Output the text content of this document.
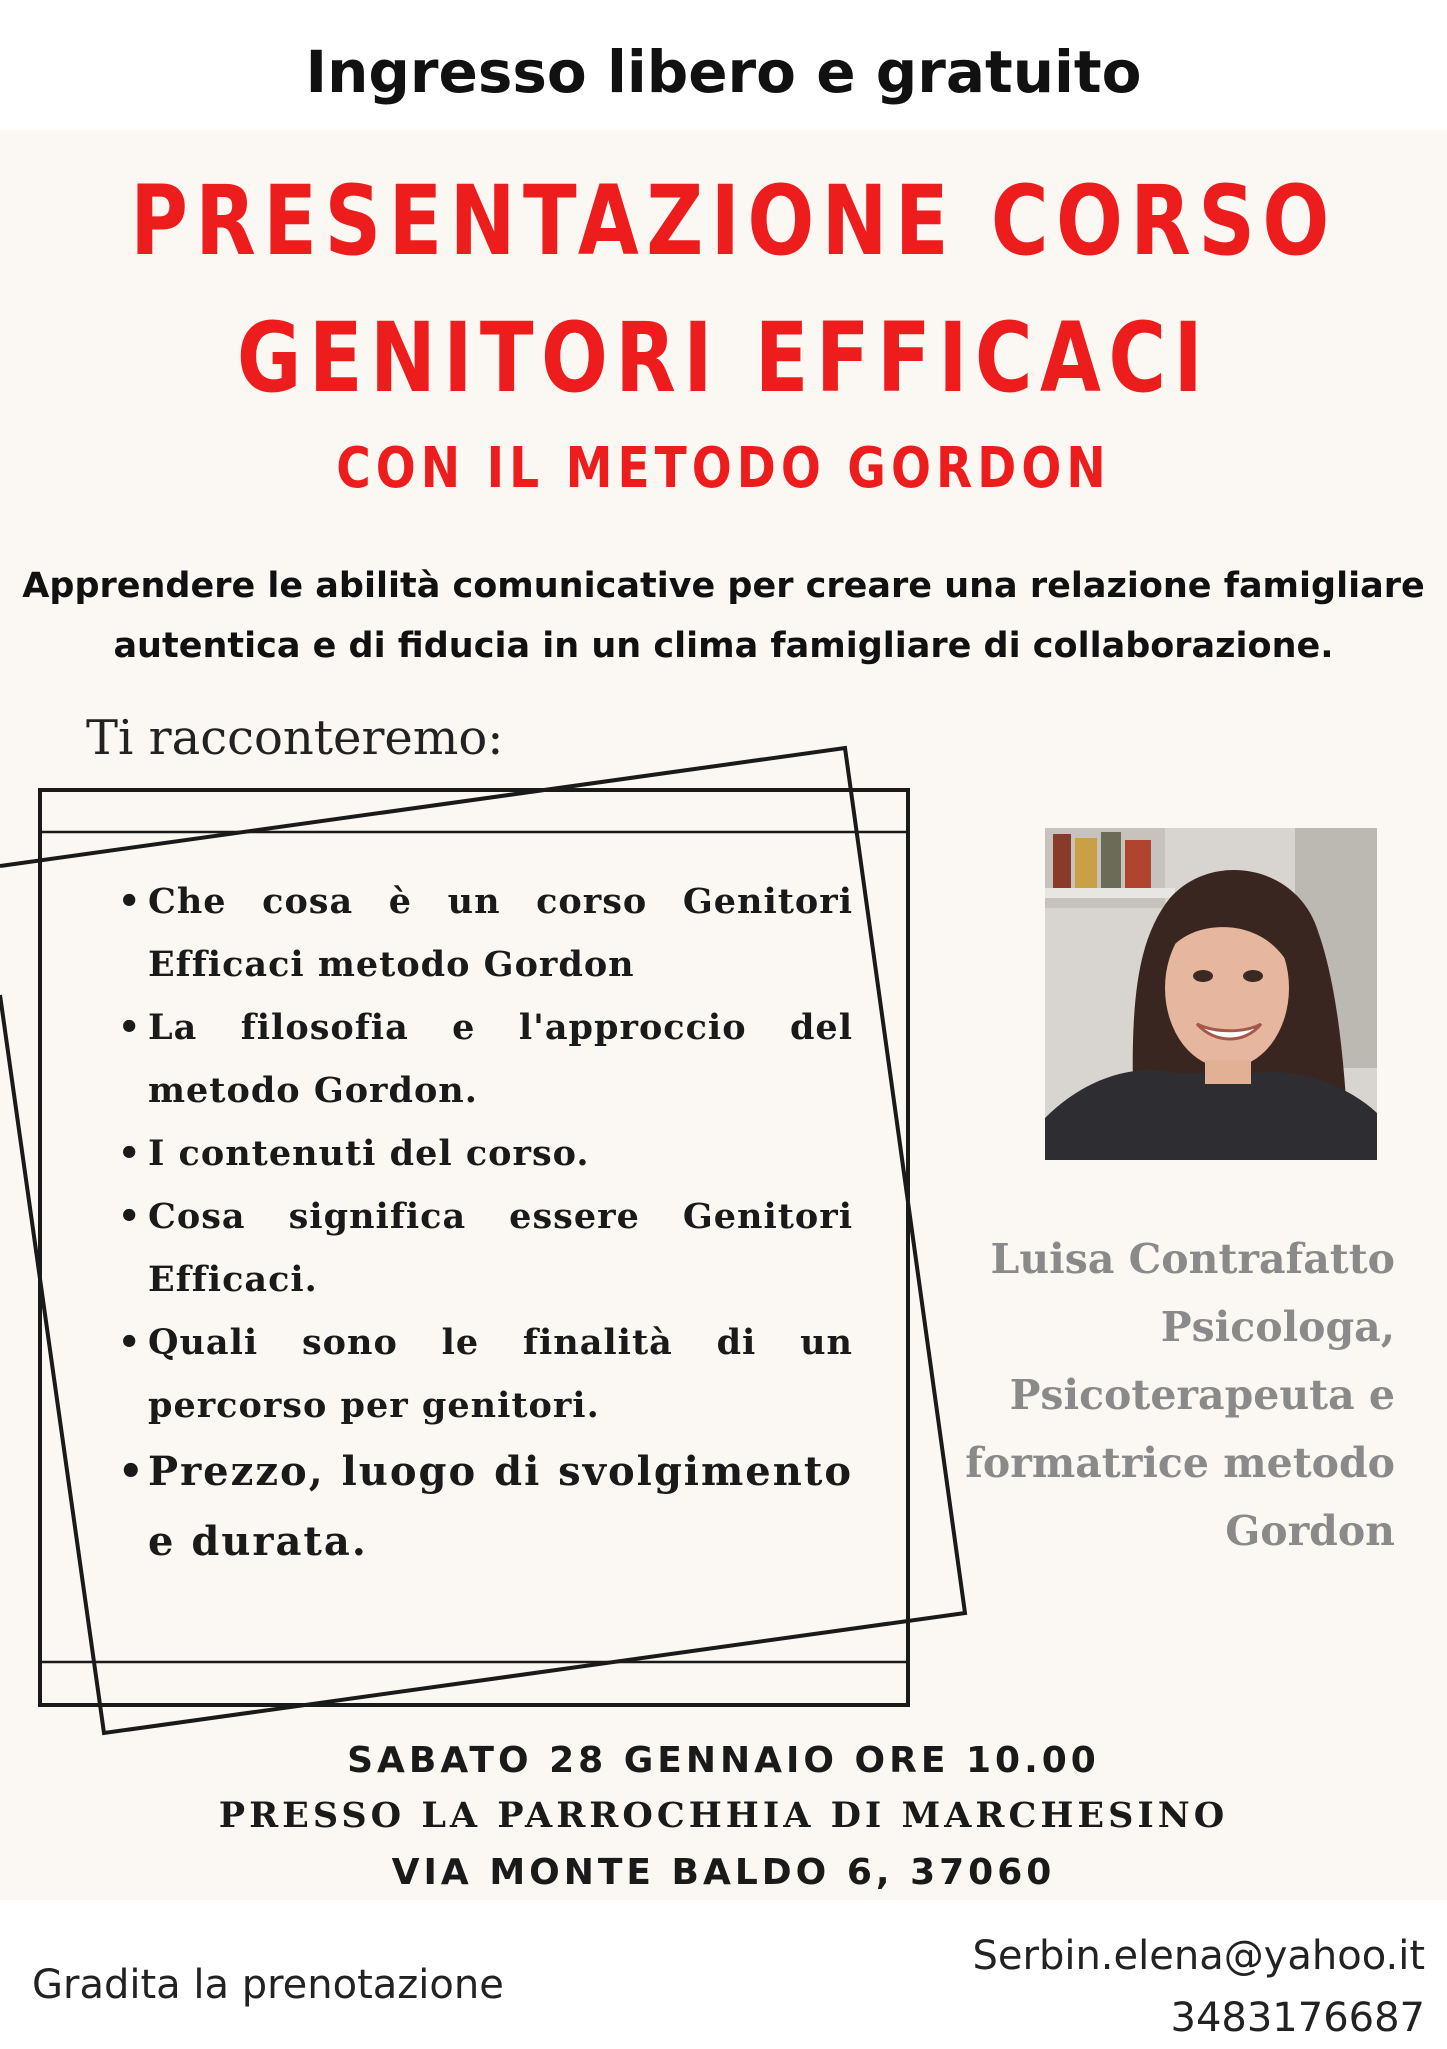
Ingresso libero e gratuito
PRESENTAZIONE CORSO
GENITORI EFFICACI
CON IL METODO GORDON
Apprendere le abilità comunicative per creare una relazione famigliare
autentica e di fiducia in un clima famigliare di collaborazione.
Ti racconteremo:
• Che cosa è un corso Genitori Efficaci metodo Gordon
• La filosofia e l'approccio del metodo Gordon.
• I contenuti del corso.
• Cosa significa essere Genitori Efficaci.
• Quali sono le finalità di un percorso per genitori.
• Prezzo, luogo di svolgimento e durata.
Luisa Contrafatto
Psicologa,
Psicoterapeuta e
formatrice metodo
Gordon
SABATO 28 GENNAIO ORE 10.00
PRESSO LA PARROCHHIA DI MARCHESINO
VIA MONTE BALDO 6, 37060
Gradita la prenotazione
Serbin.elena@yahoo.it
3483176687
